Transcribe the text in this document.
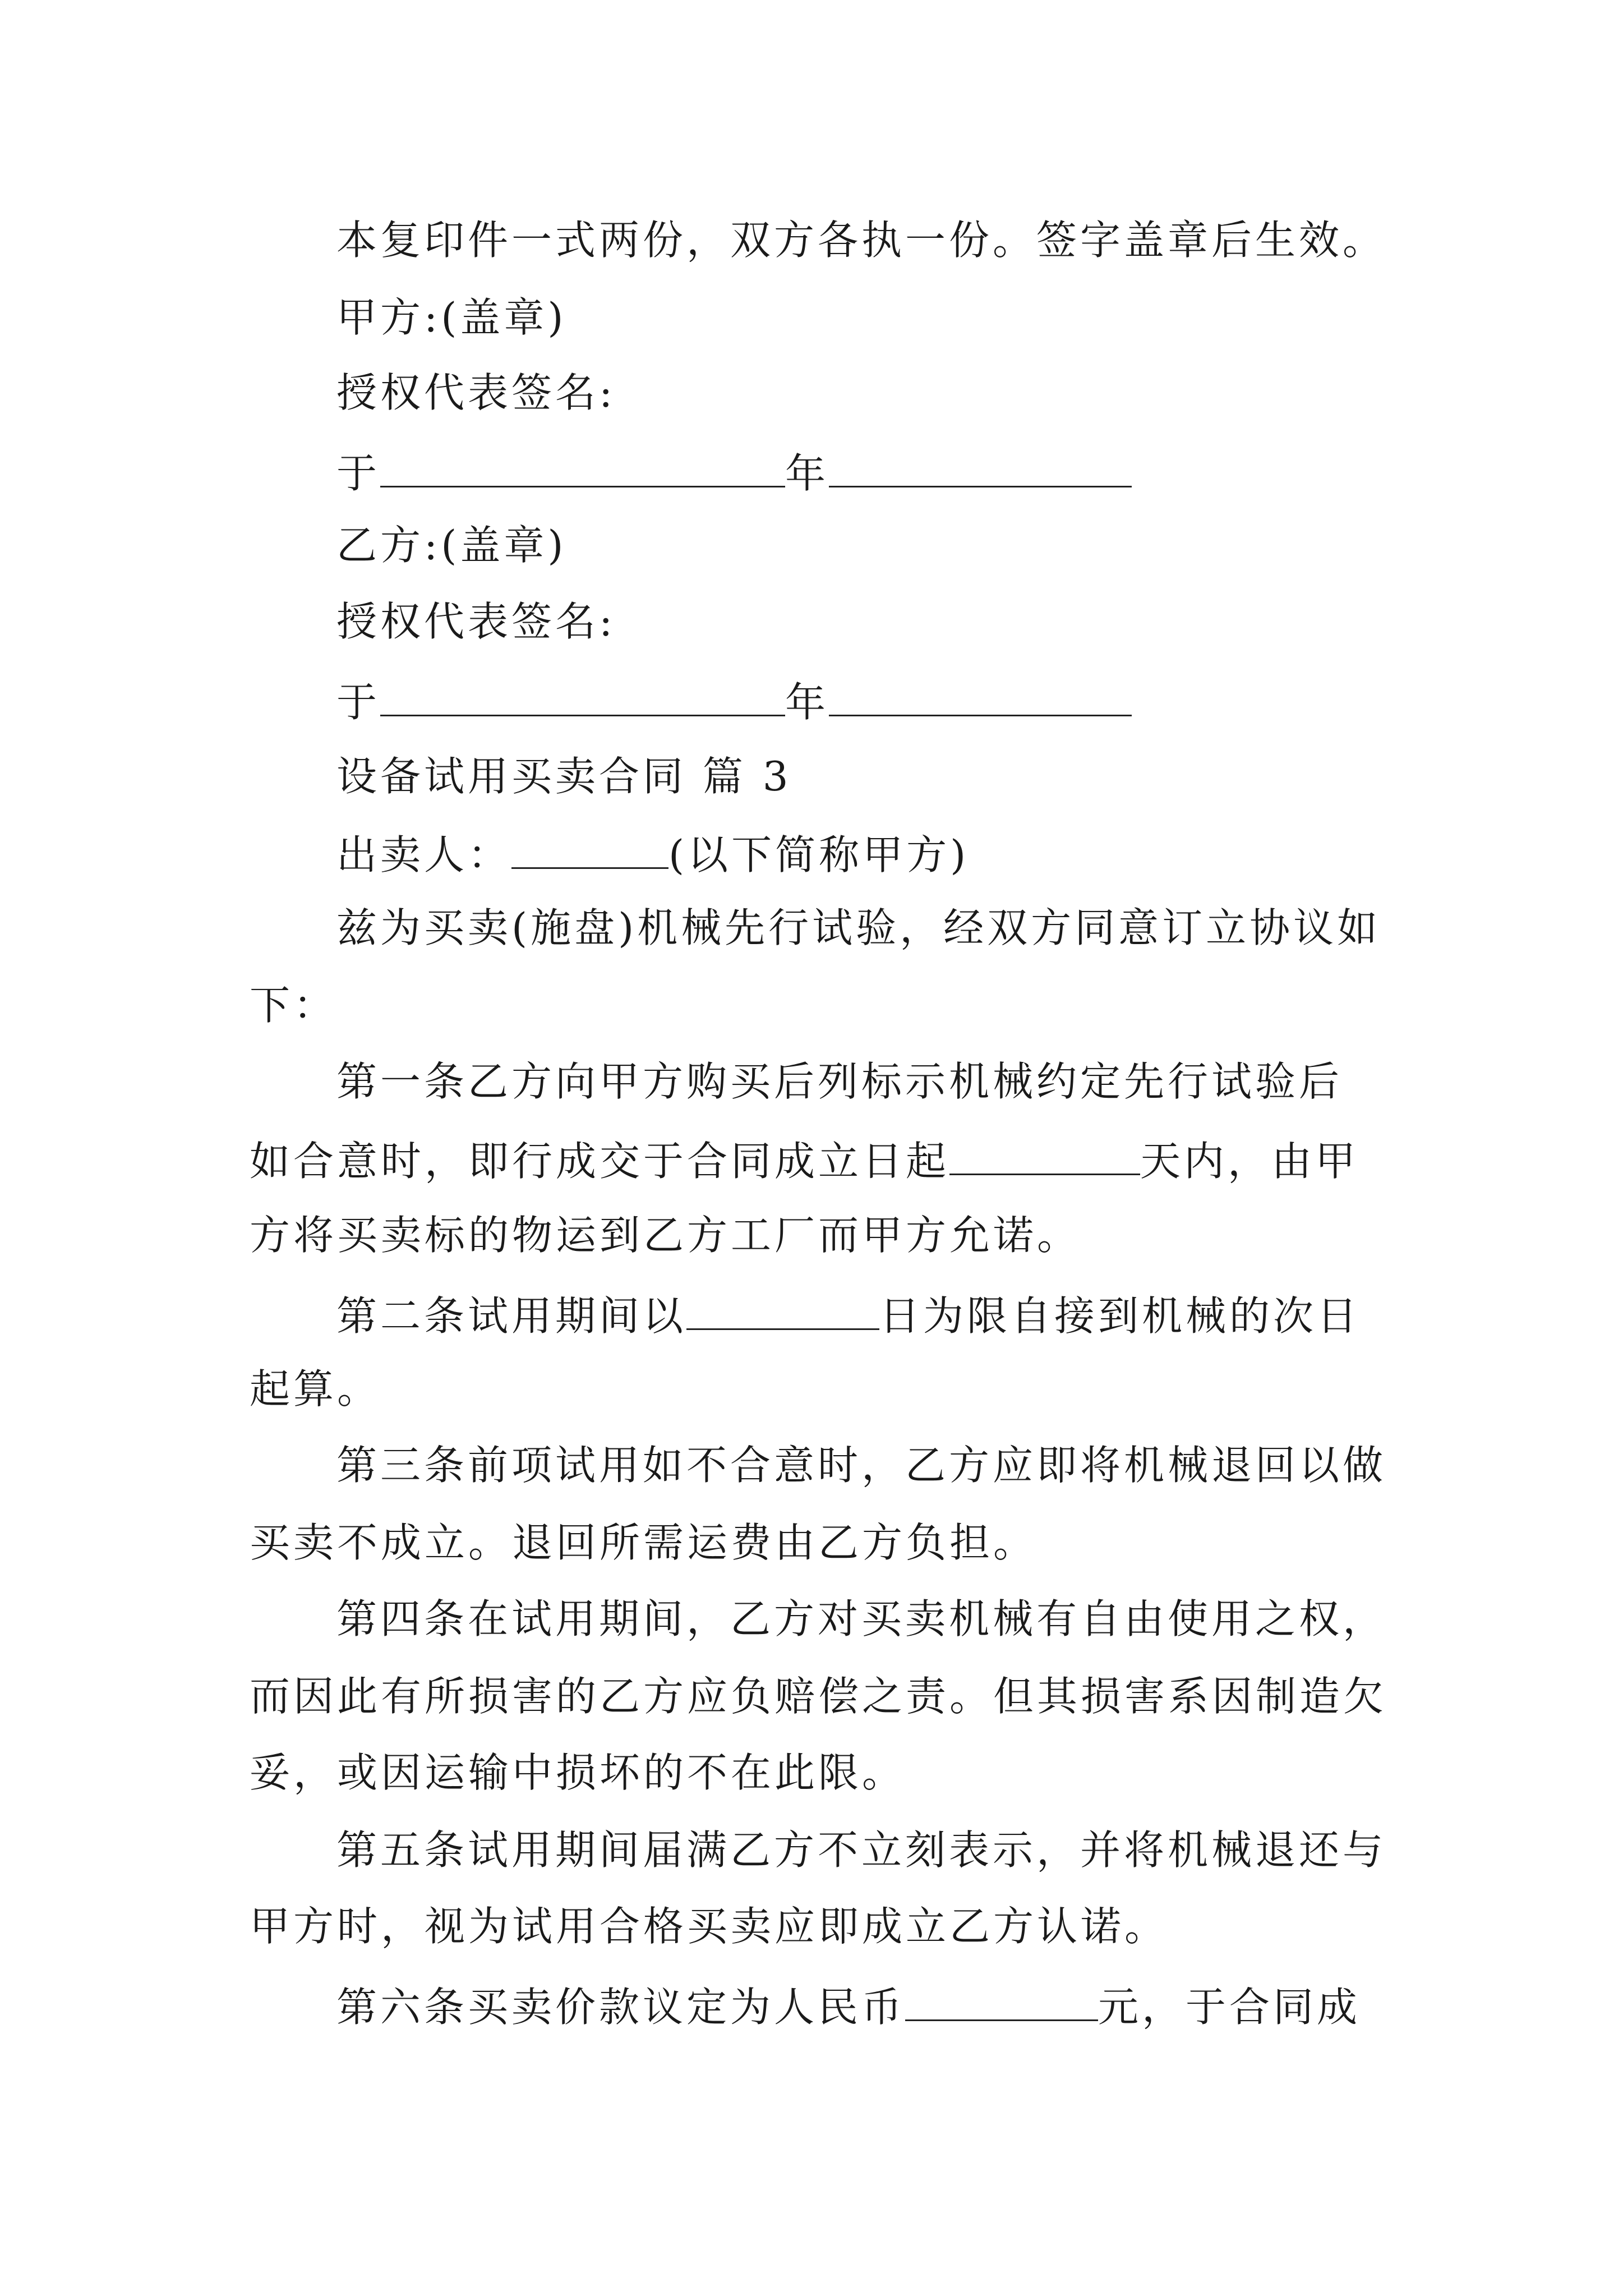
本复印件一式两份，双方各执一份。签字盖章后生效。
甲方:(盖章)
授权代表签名:
于	年
乙方:(盖章)
授权代表签名:
于	年
设备试用买卖合同 篇 3
出卖人：	(以下简称甲方)
兹为买卖(施盘)机械先行试验，经双方同意订立协议如
下：
第一条乙方向甲方购买后列标示机械约定先行试验后
如合意时，即行成交于合同成立日起	天内，由甲
方将买卖标的物运到乙方工厂而甲方允诺。
第二条试用期间以	日为限自接到机械的次日
起算。
第三条前项试用如不合意时，乙方应即将机械退回以做
买卖不成立。退回所需运费由乙方负担。
第四条在试用期间，乙方对买卖机械有自由使用之权，
而因此有所损害的乙方应负赔偿之责。但其损害系因制造欠
妥，或因运输中损坏的不在此限。
第五条试用期间届满乙方不立刻表示，并将机械退还与
甲方时，视为试用合格买卖应即成立乙方认诺。
第六条买卖价款议定为人民币	元，于合同成
